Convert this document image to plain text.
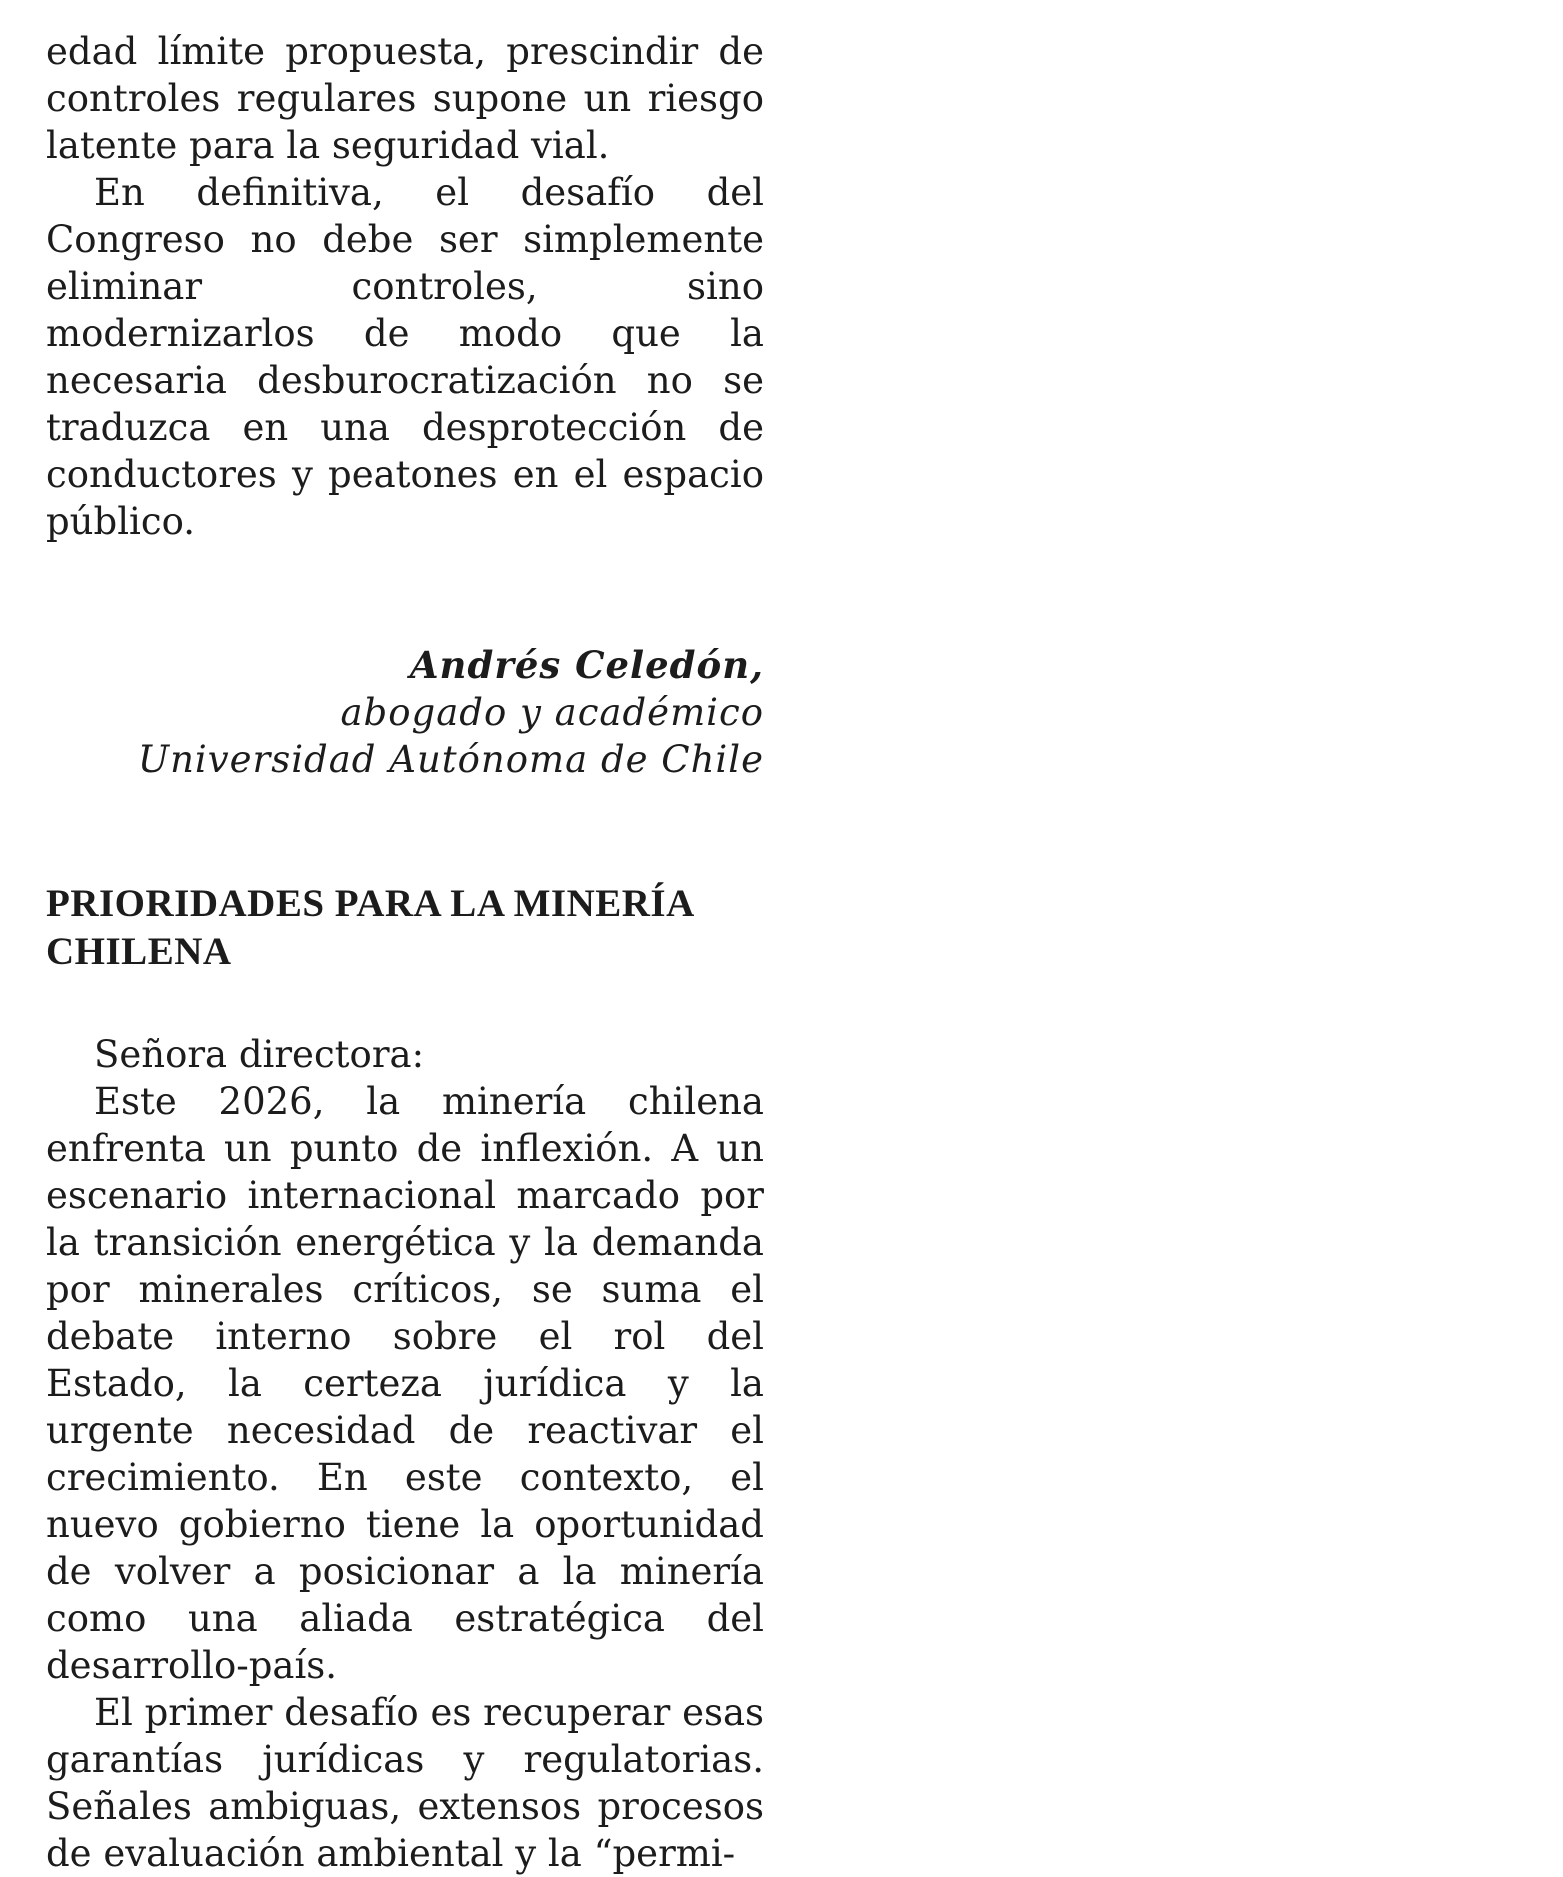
edad límite propuesta, prescindir de controles regulares supone un riesgo latente para la seguridad vial.

En definitiva, el desafío del Congreso no debe ser simplemente eliminar controles, sino modernizarlos de modo que la necesaria desburocratización no se traduzca en una desprotección de conductores y peatones en el espacio público.

Andrés Celedón,
abogado y académico
Universidad Autónoma de Chile
PRIORIDADES PARA LA MINERÍA CHILENA

Señora directora:

Este 2026, la minería chilena enfrenta un punto de inflexión. A un escenario internacional marcado por la transición energética y la demanda por minerales críticos, se suma el debate interno sobre el rol del Estado, la certeza jurídica y la urgente necesidad de reactivar el crecimiento. En este contexto, el nuevo gobierno tiene la oportunidad de volver a posicionar a la minería como una aliada estratégica del desarrollo-país.

El primer desafío es recuperar esas garantías jurídicas y regulatorias. Señales ambiguas, extensos procesos de evaluación ambiental y la “permi-
